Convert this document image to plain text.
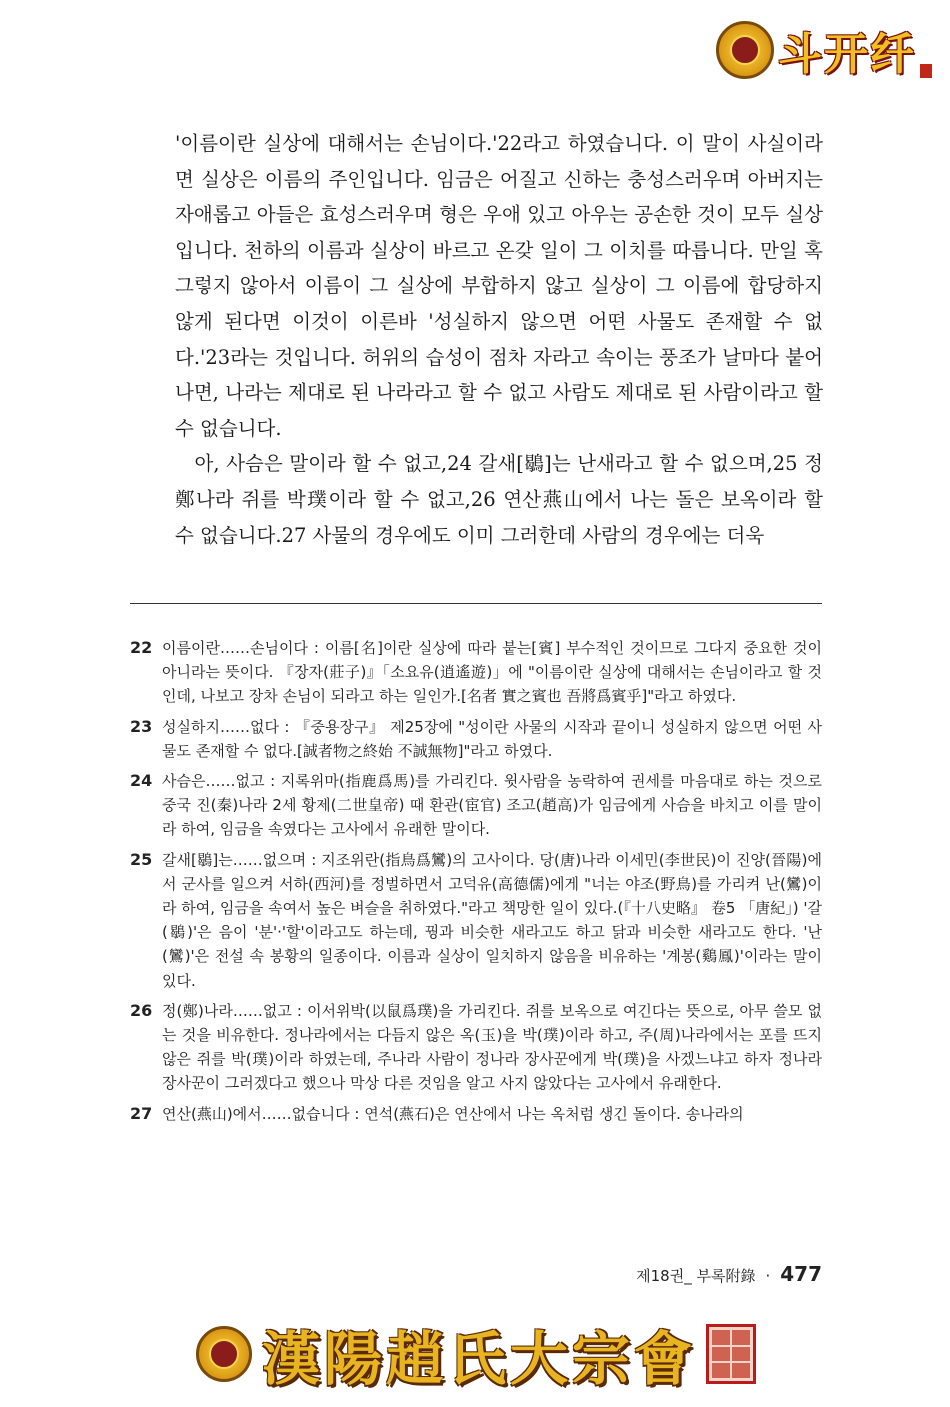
斗开纤

'이름이란 실상에 대해서는 손님이다.'22라고 하였습니다. 이 말이 사실이라면 실상은 이름의 주인입니다. 임금은 어질고 신하는 충성스러우며 아버지는 자애롭고 아들은 효성스러우며 형은 우애 있고 아우는 공손한 것이 모두 실상입니다. 천하의 이름과 실상이 바르고 온갖 일이 그 이치를 따릅니다. 만일 혹 그렇지 않아서 이름이 그 실상에 부합하지 않고 실상이 그 이름에 합당하지 않게 된다면 이것이 이른바 '성실하지 않으면 어떤 사물도 존재할 수 없다.'23라는 것입니다. 허위의 습성이 점차 자라고 속이는 풍조가 날마다 붙어나면, 나라는 제대로 된 나라라고 할 수 없고 사람도 제대로 된 사람이라고 할 수 없습니다.

아, 사슴은 말이라 할 수 없고,24 갈새[鶡]는 난새라고 할 수 없으며,25 정鄭나라 쥐를 박璞이라 할 수 없고,26 연산燕山에서 나는 돌은 보옥이라 할 수 없습니다.27 사물의 경우에도 이미 그러한데 사람의 경우에는 더욱

22 이름이란……손님이다 : 이름[名]이란 실상에 따라 붙는[賓] 부수적인 것이므로 그다지 중요한 것이 아니라는 뜻이다. 『장자(莊子)』「소요유(逍遙遊)」에 "이름이란 실상에 대해서는 손님이라고 할 것인데, 나보고 장차 손님이 되라고 하는 일인가.[名者 實之賓也 吾將爲賓乎]"라고 하였다.
23 성실하지……없다 : 『중용장구』 제25장에 "성이란 사물의 시작과 끝이니 성실하지 않으면 어떤 사물도 존재할 수 없다.[誠者物之終始 不誠無物]"라고 하였다.
24 사슴은……없고 : 지록위마(指鹿爲馬)를 가리킨다. 윗사람을 농락하여 권세를 마음대로 하는 것으로 중국 진(秦)나라 2세 황제(二世皇帝) 때 환관(宦官) 조고(趙高)가 임금에게 사슴을 바치고 이를 말이라 하여, 임금을 속였다는 고사에서 유래한 말이다.
25 갈새[鶡]는……없으며 : 지조위란(指鳥爲鸞)의 고사이다. 당(唐)나라 이세민(李世民)이 진양(晉陽)에서 군사를 일으켜 서하(西河)를 정벌하면서 고덕유(高德儒)에게 "너는 야조(野鳥)를 가리켜 난(鸞)이라 하여, 임금을 속여서 높은 벼슬을 취하였다."라고 책망한 일이 있다.(『十八史略』 卷5 「唐紀」) '갈(鶡)'은 음이 '분'·'할'이라고도 하는데, 꿩과 비슷한 새라고도 하고 닭과 비슷한 새라고도 한다. '난(鸞)'은 전설 속 봉황의 일종이다. 이름과 실상이 일치하지 않음을 비유하는 '계봉(鷄鳳)'이라는 말이 있다.
26 정(鄭)나라……없고 : 이서위박(以鼠爲璞)을 가리킨다. 쥐를 보옥으로 여긴다는 뜻으로, 아무 쓸모 없는 것을 비유한다. 정나라에서는 다듬지 않은 옥(玉)을 박(璞)이라 하고, 주(周)나라에서는 포를 뜨지 않은 쥐를 박(璞)이라 하였는데, 주나라 사람이 정나라 장사꾼에게 박(璞)을 사겠느냐고 하자 정나라 장사꾼이 그러겠다고 했으나 막상 다른 것임을 알고 사지 않았다는 고사에서 유래한다.
27 연산(燕山)에서……없습니다 : 연석(燕石)은 연산에서 나는 옥처럼 생긴 돌이다. 송나라의
제18권_ 부록附錄 · 477
漢陽趙氏大宗會
